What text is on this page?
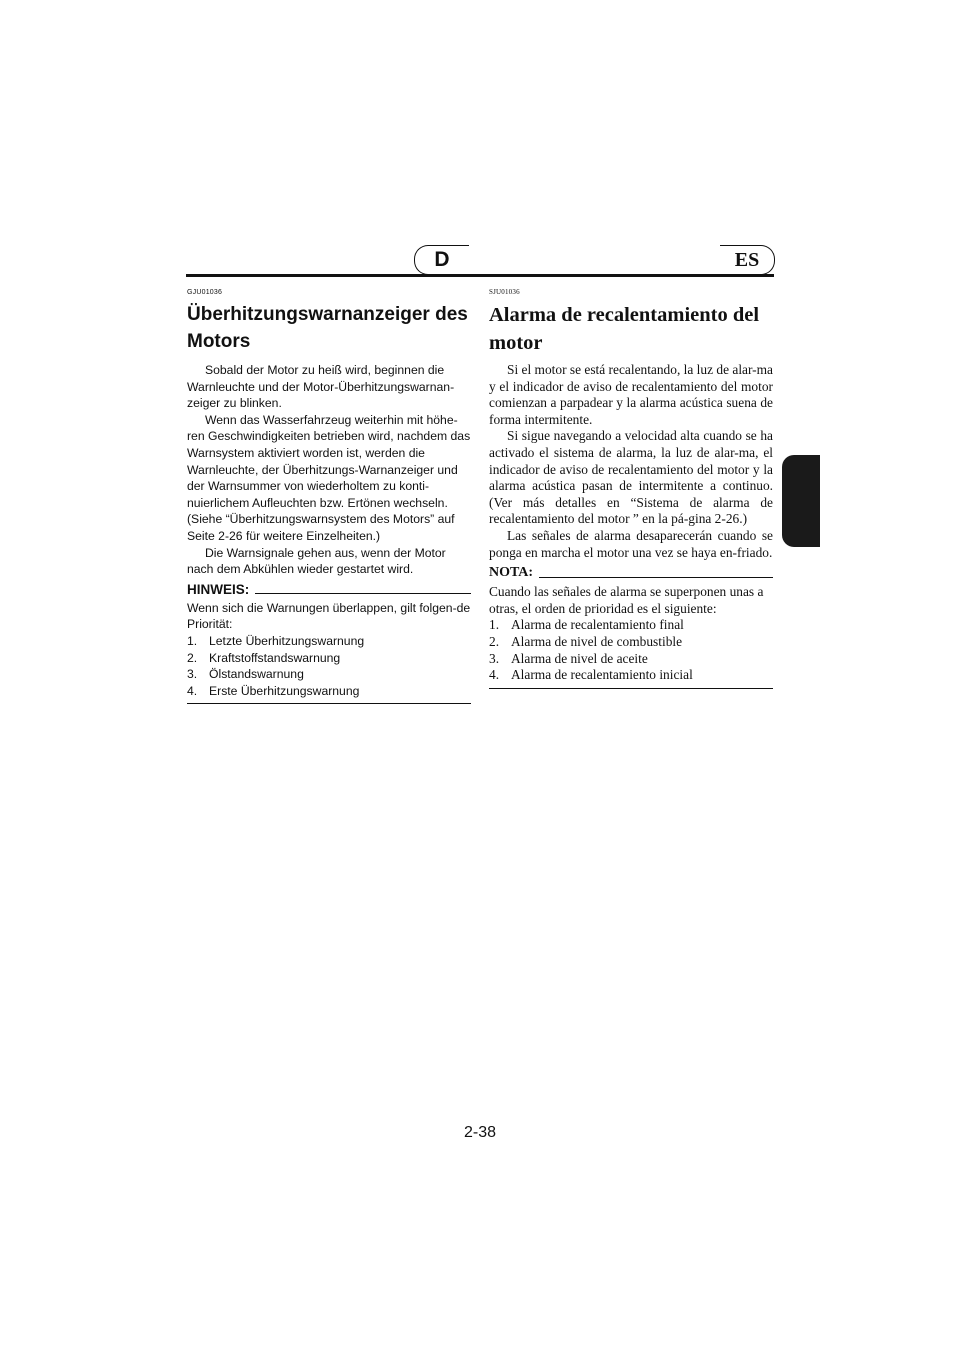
D	ES
GJU01036
Überhitzungswarnanzeiger des
Motors

Sobald der Motor zu heiß wird, beginnen die Warnleuchte und der Motor-Überhitzungswarnan-zeiger zu blinken.

Wenn das Wasserfahrzeug weiterhin mit höhe-ren Geschwindigkeiten betrieben wird, nachdem das Warnsystem aktiviert worden ist, werden die Warnleuchte, der Überhitzungs-Warnanzeiger und der Warnsummer von wiederholtem zu konti-nuierlichem Aufleuchten bzw. Ertönen wechseln. (Siehe “Überhitzungswarnsystem des Motors” auf Seite 2-26 für weitere Einzelheiten.)

Die Warnsignale gehen aus, wenn der Motor nach dem Abkühlen wieder gestartet wird.

HINWEIS:

Wenn sich die Warnungen überlappen, gilt folgen-de Priorität:

1. Letzte Überhitzungswarnung
2. Kraftstoffstandswarnung
3. Ölstandswarnung
4. Erste Überhitzungswarnung
SJU01036
Alarma de recalentamiento del
motor

Si el motor se está recalentando, la luz de alar-ma y el indicador de aviso de recalentamiento del motor comienzan a parpadear y la alarma acústica suena de forma intermitente.

Si sigue navegando a velocidad alta cuando se ha activado el sistema de alarma, la luz de alar-ma, el indicador de aviso de recalentamiento del motor y la alarma acústica pasan de intermitente a continuo. (Ver más detalles en “Sistema de alarma de recalentamiento del motor ” en la pá-gina 2-26.)

Las señales de alarma desaparecerán cuando se ponga en marcha el motor una vez se haya en-friado.

NOTA:

Cuando las señales de alarma se superponen unas a otras, el orden de prioridad es el siguiente:

1. Alarma de recalentamiento final
2. Alarma de nivel de combustible
3. Alarma de nivel de aceite
4. Alarma de recalentamiento inicial
2-38
